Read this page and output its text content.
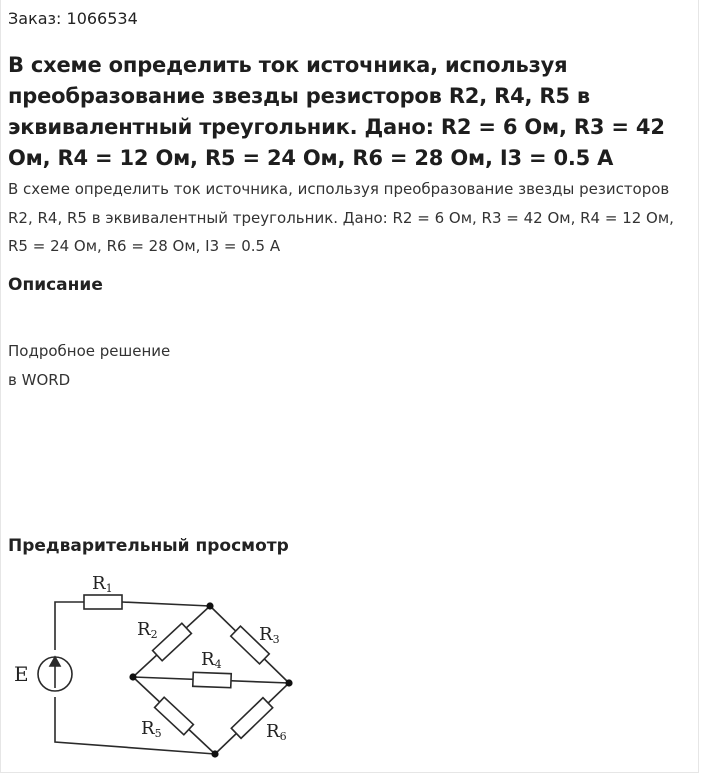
Заказ: 1066534
В схеме определить ток источника, используя преобразование звезды резисторов R2, R4, R5 в эквивалентный треугольник. Дано: R2 = 6 Ом, R3 = 42 Ом, R4 = 12 Ом, R5 = 24 Ом, R6 = 28 Ом, I3 = 0.5 А
В схеме определить ток источника, используя преобразование звезды резисторов R2, R4, R5 в эквивалентный треугольник. Дано: R2 = 6 Ом, R3 = 42 Ом, R4 = 12 Ом, R5 = 24 Ом, R6 = 28 Ом, I3 = 0.5 А
Описание
Подробное решение
в WORD
Предварительный просмотр
E
R1
R2	R3
R4
R5	R6
